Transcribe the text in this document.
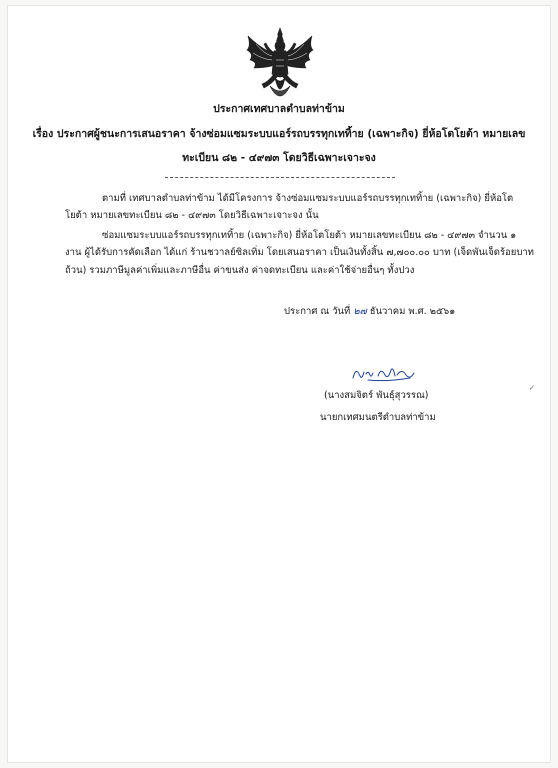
ประกาศเทศบาลตำบลท่าข้าม
เรื่อง ประกาศผู้ชนะการเสนอราคา จ้างซ่อมแซมระบบแอร์รถบรรทุกเททิ้าย (เฉพาะกิจ) ยี่ห้อโตโยต้า หมายเลข
ทะเบียน ๘๒ - ๔๙๗๓ โดยวิธีเฉพาะเจาะจง
ตามที่ เทศบาลตำบลท่าข้าม ได้มีโครงการ จ้างซ่อมแซมระบบแอร์รถบรรทุกเททิ้าย (เฉพาะกิจ) ยี่ห้อโต
โยต้า หมายเลขทะเบียน ๘๒ - ๔๙๗๓ โดยวิธีเฉพาะเจาะจง นั้น
ซ่อมแซมระบบแอร์รถบรรทุกเททิ้าย (เฉพาะกิจ) ยี่ห้อโตโยต้า หมายเลขทะเบียน ๘๒ - ๔๙๗๓ จำนวน ๑
งาน ผู้ได้รับการคัดเลือก ได้แก่ ร้านชวาลย์ซิลเทิ่ม โดยเสนอราคา เป็นเงินทั้งสิ้น ๗,๗๐๐.๐๐ บาท (เจ็ดพันเจ็ดร้อยบาท
ถ้วน) รวมภาษีมูลค่าเพิ่มและภาษีอื่น ค่าขนส่ง ค่าจดทะเบียน และค่าใช้จ่ายอื่นๆ ทั้งปวง
ประกาศ ณ วันที่ ๒๗ ธันวาคม พ.ศ. ๒๕๖๑
(นางสมจิตร์ พันธุ์สุวรรณ)
นายกเทศมนตรีตำบลท่าข้าม
✓
